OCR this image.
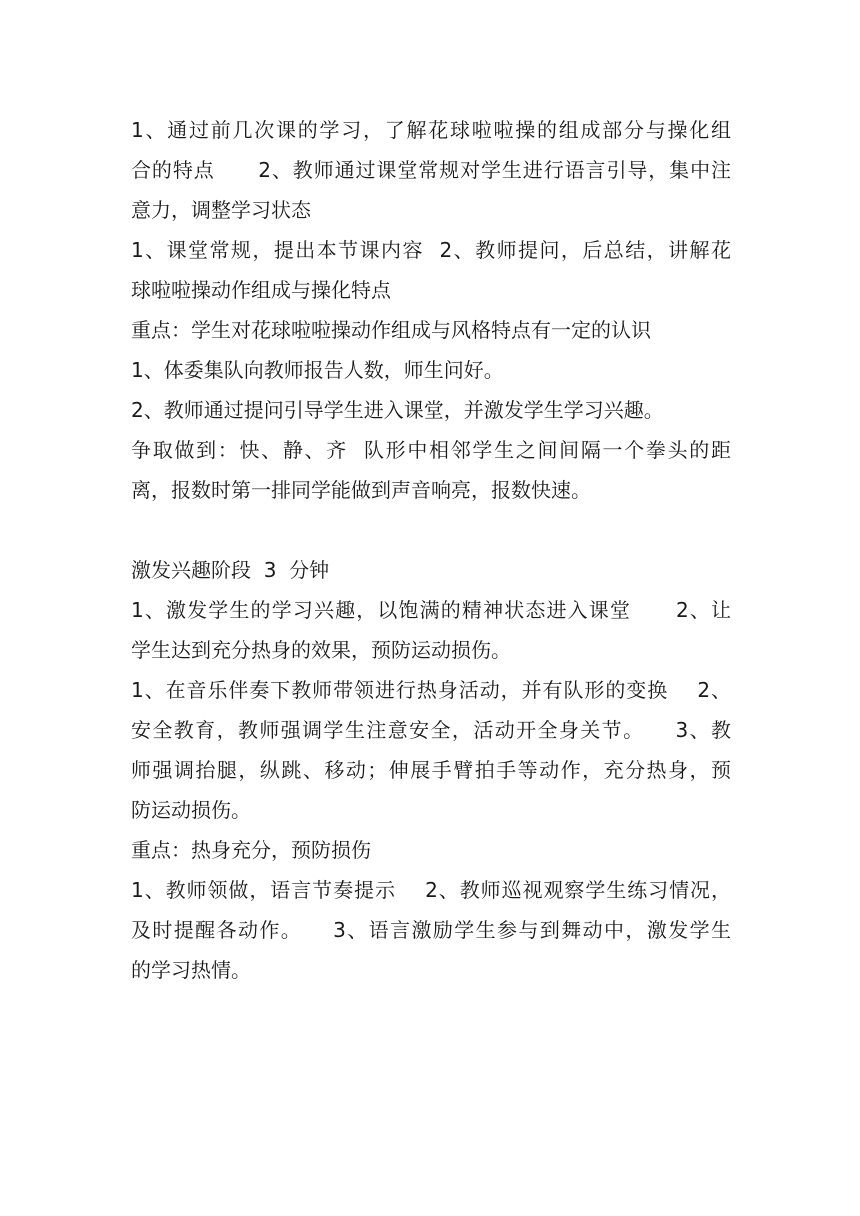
1、通过前几次课的学习，了解花球啦啦操的组成部分与操化组
合的特点      2、教师通过课堂常规对学生进行语言引导，集中注
意力，调整学习状态
1、课堂常规，提出本节课内容  2、教师提问，后总结，讲解花
球啦啦操动作组成与操化特点
重点：学生对花球啦啦操动作组成与风格特点有一定的认识
1、体委集队向教师报告人数，师生问好。
2、教师通过提问引导学生进入课堂，并激发学生学习兴趣。
争取做到：快、静、齐  队形中相邻学生之间间隔一个拳头的距
离，报数时第一排同学能做到声音响亮，报数快速。
激发兴趣阶段  3  分钟
1、激发学生的学习兴趣，以饱满的精神状态进入课堂      2、让
学生达到充分热身的效果，预防运动损伤。
1、在音乐伴奏下教师带领进行热身活动，并有队形的变换    2、
安全教育，教师强调学生注意安全，活动开全身关节。    3、教
师强调抬腿，纵跳、移动；伸展手臂拍手等动作，充分热身，预
防运动损伤。
重点：热身充分，预防损伤
1、教师领做，语言节奏提示    2、教师巡视观察学生练习情况，
及时提醒各动作。    3、语言激励学生参与到舞动中，激发学生
的学习热情。
